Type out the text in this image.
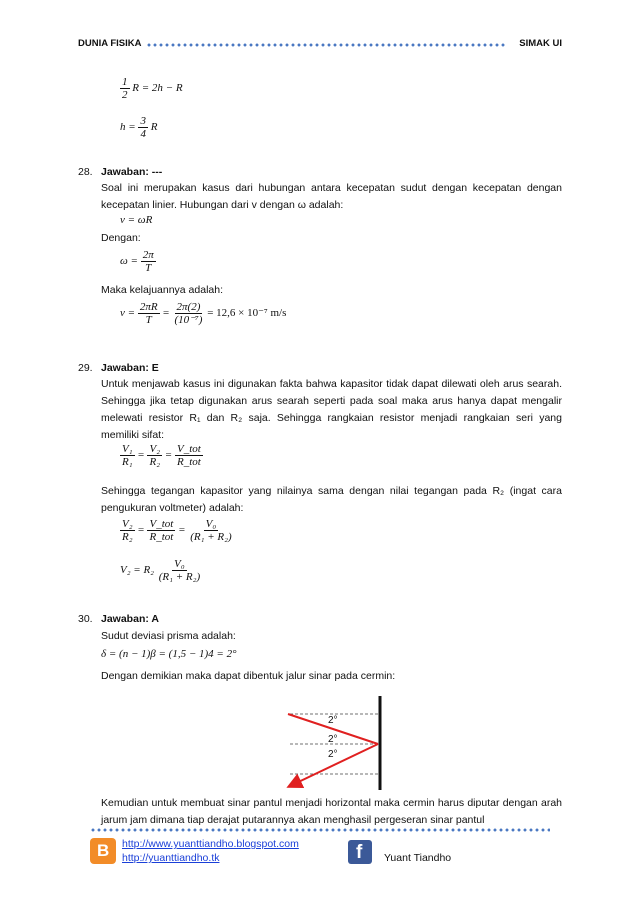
DUNIA FISIKA	SIMAK UI
$\frac{1}{2}$ R = 2h − R
$h = \frac{3}{4}$ R
28. Jawaban: ---
Soal ini merupakan kasus dari hubungan antara kecepatan sudut dengan kecepatan dengan kecepatan linier. Hubungan dari v dengan ω adalah:
v = ωR
Dengan:
$\omega = \frac{2\pi}{T}$
Maka kelajuannya adalah:
$v = \frac{2\pi R}{T} = \frac{2\pi(2)}{\text{(10⁻⁷)}} = 12,6 \times 10^{-7}$ m/s
29. Jawaban: E
Untuk menjawab kasus ini digunakan fakta bahwa kapasitor tidak dapat dilewati oleh arus searah. Sehingga jika tetap digunakan arus searah seperti pada soal maka arus hanya dapat mengalir melewati resistor R₁ dan R₂ saja. Sehingga rangkaian resistor menjadi rangkaian seri yang memiliki sifat:
$\frac{\text{V₁}}{\text{R₁}} = \frac{\text{V₂}}{\text{R₂}} = \frac{\text{V\_tot}}{\text{R\_tot}}$
Sehingga tegangan kapasitor yang nilainya sama dengan nilai tegangan pada R₂ (ingat cara pengukuran voltmeter) adalah:
$\frac{\text{V₂}}{\text{R₂}} = \frac{\text{V\_tot}}{\text{R\_tot}} = \frac{\text{V₀}}{\text{(R₁ + R₂)}}$
$V_2 = R_2 \frac{\text{V₀}}{\text{(R₁ + R₂)}}$
30. Jawaban: A
Sudut deviasi prisma adalah:
δ = (n − 1)β = (1,5 − 1)4 = 2°
Dengan demikian maka dapat dibentuk jalur sinar pada cermin:
2°
2°
2°
Kemudian untuk membuat sinar pantul menjadi horizontal maka cermin harus diputar dengan arah jarum jam dimana tiap derajat putarannya akan menghasil pergeseran sinar pantul
B http://www.yuanttiandho.blogspot.com
http://yuanttiandho.tk	f Yuant Tiandho
